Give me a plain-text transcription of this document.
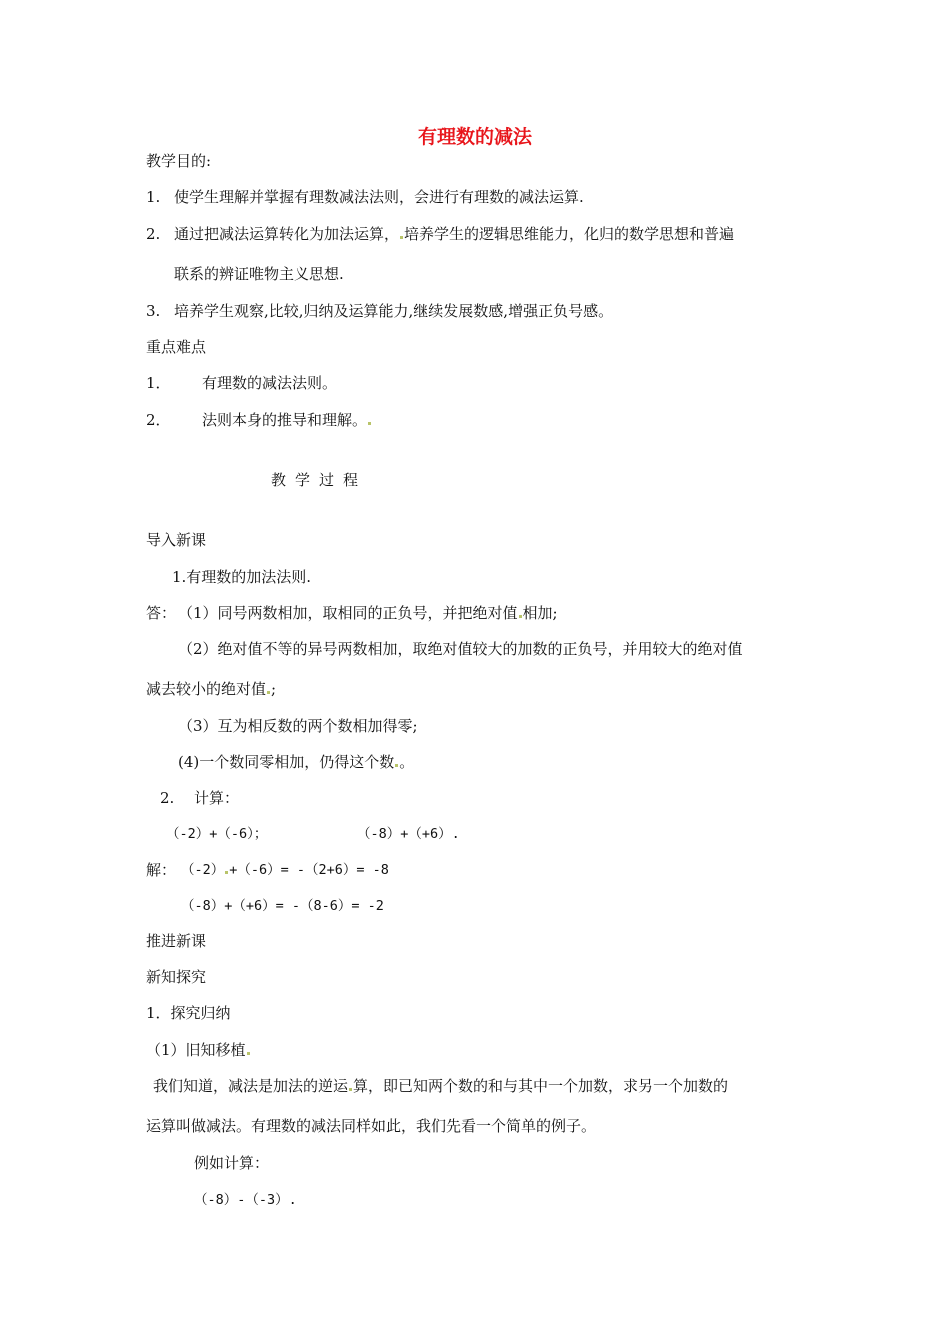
有理数的减法
教学目的:
1. 使学生理解并掌握有理数减法法则，会进行有理数的减法运算.
2. 通过把减法运算转化为加法运算， 培养学生的逻辑思维能力，化归的数学思想和普遍
联系的辨证唯物主义思想.
3. 培养学生观察,比较,归纳及运算能力,继续发展数感,增强正负号感。
重点难点
1． 有理数的减法法则。
2． 法则本身的推导和理解。
教学过程
导入新课
1.有理数的加法法则.
答： （1）同号两数相加，取相同的正负号，并把绝对值 相加;
（2）绝对值不等的异号两数相加，取绝对值较大的加数的正负号，并用较大的绝对值
减去较小的绝对值 ;
（3）互为相反数的两个数相加得零;
(4)一个数同零相加，仍得这个数 。
2. 计算：
（-2）+（-6）；	（-8）+（+6）.
解： （-2） +（-6）= -（2+6）= -8
（-8）+（+6）= -（8-6）= -2
推进新课
新知探究
1．探究归纳
（1）旧知移植
我们知道，减法是加法的逆运 算，即已知两个数的和与其中一个加数，求另一个加数的
运算叫做减法。有理数的减法同样如此，我们先看一个简单的例子。
例如计算：
（-8）-（-3）.
